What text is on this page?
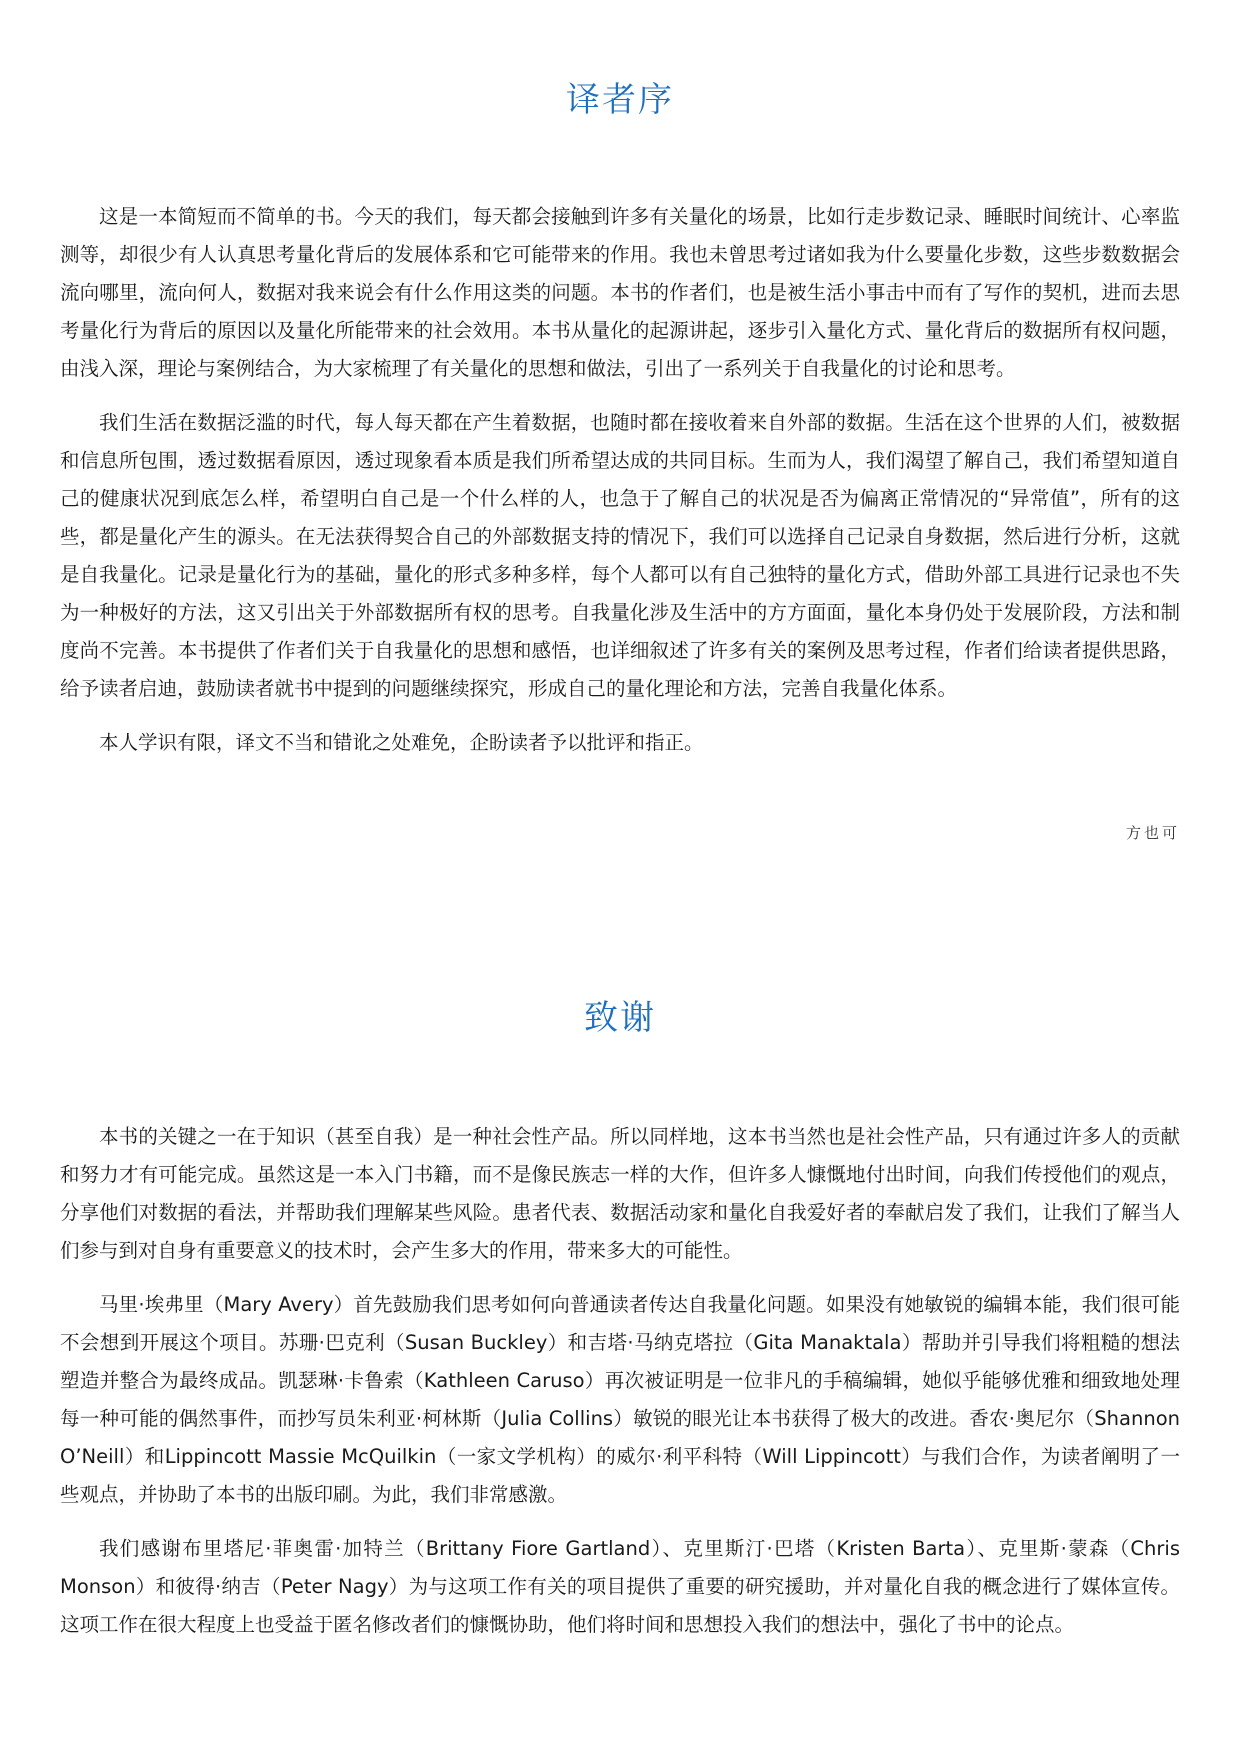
译者序

这是一本简短而不简单的书。今天的我们，每天都会接触到许多有关量化的场景，比如行走步数记录、睡眠时间统计、心率监测等，却很少有人认真思考量化背后的发展体系和它可能带来的作用。我也未曾思考过诸如我为什么要量化步数，这些步数数据会流向哪里，流向何人，数据对我来说会有什么作用这类的问题。本书的作者们，也是被生活小事击中而有了写作的契机，进而去思考量化行为背后的原因以及量化所能带来的社会效用。本书从量化的起源讲起，逐步引入量化方式、量化背后的数据所有权问题，由浅入深，理论与案例结合，为大家梳理了有关量化的思想和做法，引出了一系列关于自我量化的讨论和思考。

我们生活在数据泛滥的时代，每人每天都在产生着数据，也随时都在接收着来自外部的数据。生活在这个世界的人们，被数据和信息所包围，透过数据看原因，透过现象看本质是我们所希望达成的共同目标。生而为人，我们渴望了解自己，我们希望知道自己的健康状况到底怎么样，希望明白自己是一个什么样的人，也急于了解自己的状况是否为偏离正常情况的“异常值”，所有的这些，都是量化产生的源头。在无法获得契合自己的外部数据支持的情况下，我们可以选择自己记录自身数据，然后进行分析，这就是自我量化。记录是量化行为的基础，量化的形式多种多样，每个人都可以有自己独特的量化方式，借助外部工具进行记录也不失为一种极好的方法，这又引出关于外部数据所有权的思考。自我量化涉及生活中的方方面面，量化本身仍处于发展阶段，方法和制度尚不完善。本书提供了作者们关于自我量化的思想和感悟，也详细叙述了许多有关的案例及思考过程，作者们给读者提供思路，给予读者启迪，鼓励读者就书中提到的问题继续探究，形成自己的量化理论和方法，完善自我量化体系。

本人学识有限，译文不当和错讹之处难免，企盼读者予以批评和指正。

方也可
致谢

本书的关键之一在于知识（甚至自我）是一种社会性产品。所以同样地，这本书当然也是社会性产品，只有通过许多人的贡献和努力才有可能完成。虽然这是一本入门书籍，而不是像民族志一样的大作，但许多人慷慨地付出时间，向我们传授他们的观点，分享他们对数据的看法，并帮助我们理解某些风险。患者代表、数据活动家和量化自我爱好者的奉献启发了我们，让我们了解当人们参与到对自身有重要意义的技术时，会产生多大的作用，带来多大的可能性。

马里·埃弗里（Mary Avery）首先鼓励我们思考如何向普通读者传达自我量化问题。如果没有她敏锐的编辑本能，我们很可能不会想到开展这个项目。苏珊·巴克利（Susan Buckley）和吉塔·马纳克塔拉（Gita Manaktala）帮助并引导我们将粗糙的想法塑造并整合为最终成品。凯瑟琳·卡鲁索（Kathleen Caruso）再次被证明是一位非凡的手稿编辑，她似乎能够优雅和细致地处理每一种可能的偶然事件，而抄写员朱利亚·柯林斯（Julia Collins）敏锐的眼光让本书获得了极大的改进。香农·奥尼尔（Shannon O’Neill）和Lippincott Massie McQuilkin（一家文学机构）的威尔·利平科特（Will Lippincott）与我们合作，为读者阐明了一些观点，并协助了本书的出版印刷。为此，我们非常感激。

我们感谢布里塔尼·菲奥雷·加特兰（Brittany Fiore Gartland）、克里斯汀·巴塔（Kristen Barta）、克里斯·蒙森（Chris Monson）和彼得·纳吉（Peter Nagy）为与这项工作有关的项目提供了重要的研究援助，并对量化自我的概念进行了媒体宣传。这项工作在很大程度上也受益于匿名修改者们的慷慨协助，他们将时间和思想投入我们的想法中，强化了书中的论点。
